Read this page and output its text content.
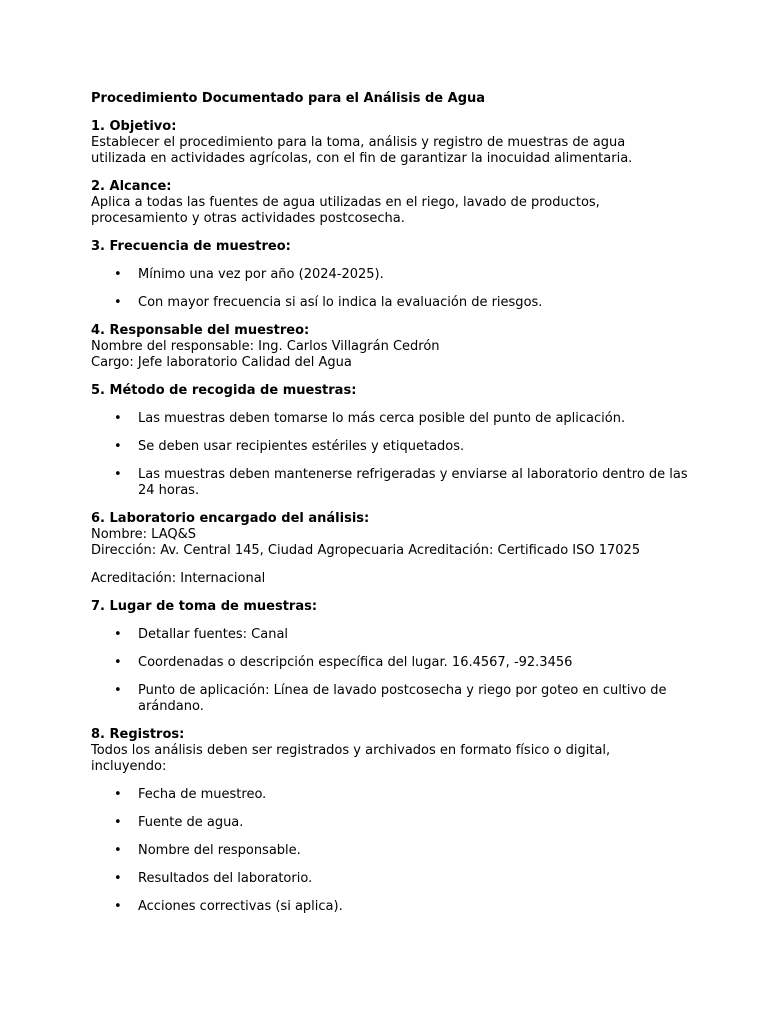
Procedimiento Documentado para el Análisis de Agua
1. Objetivo:
Establecer el procedimiento para la toma, análisis y registro de muestras de agua
utilizada en actividades agrícolas, con el fin de garantizar la inocuidad alimentaria.
2. Alcance:
Aplica a todas las fuentes de agua utilizadas en el riego, lavado de productos,
procesamiento y otras actividades postcosecha.
3. Frecuencia de muestreo:
• Mínimo una vez por año (2024-2025).
• Con mayor frecuencia si así lo indica la evaluación de riesgos.
4. Responsable del muestreo:
Nombre del responsable: Ing. Carlos Villagrán Cedrón
Cargo: Jefe laboratorio Calidad del Agua
5. Método de recogida de muestras:
• Las muestras deben tomarse lo más cerca posible del punto de aplicación.
• Se deben usar recipientes estériles y etiquetados.
• Las muestras deben mantenerse refrigeradas y enviarse al laboratorio dentro de las 24 horas.
6. Laboratorio encargado del análisis:
Nombre: LAQ&S
Dirección: Av. Central 145, Ciudad Agropecuaria Acreditación: Certificado ISO 17025
Acreditación: Internacional
7. Lugar de toma de muestras:
• Detallar fuentes: Canal
• Coordenadas o descripción específica del lugar. 16.4567, -92.3456
• Punto de aplicación: Línea de lavado postcosecha y riego por goteo en cultivo de arándano.
8. Registros:
Todos los análisis deben ser registrados y archivados en formato físico o digital,
incluyendo:
• Fecha de muestreo.
• Fuente de agua.
• Nombre del responsable.
• Resultados del laboratorio.
• Acciones correctivas (si aplica).
